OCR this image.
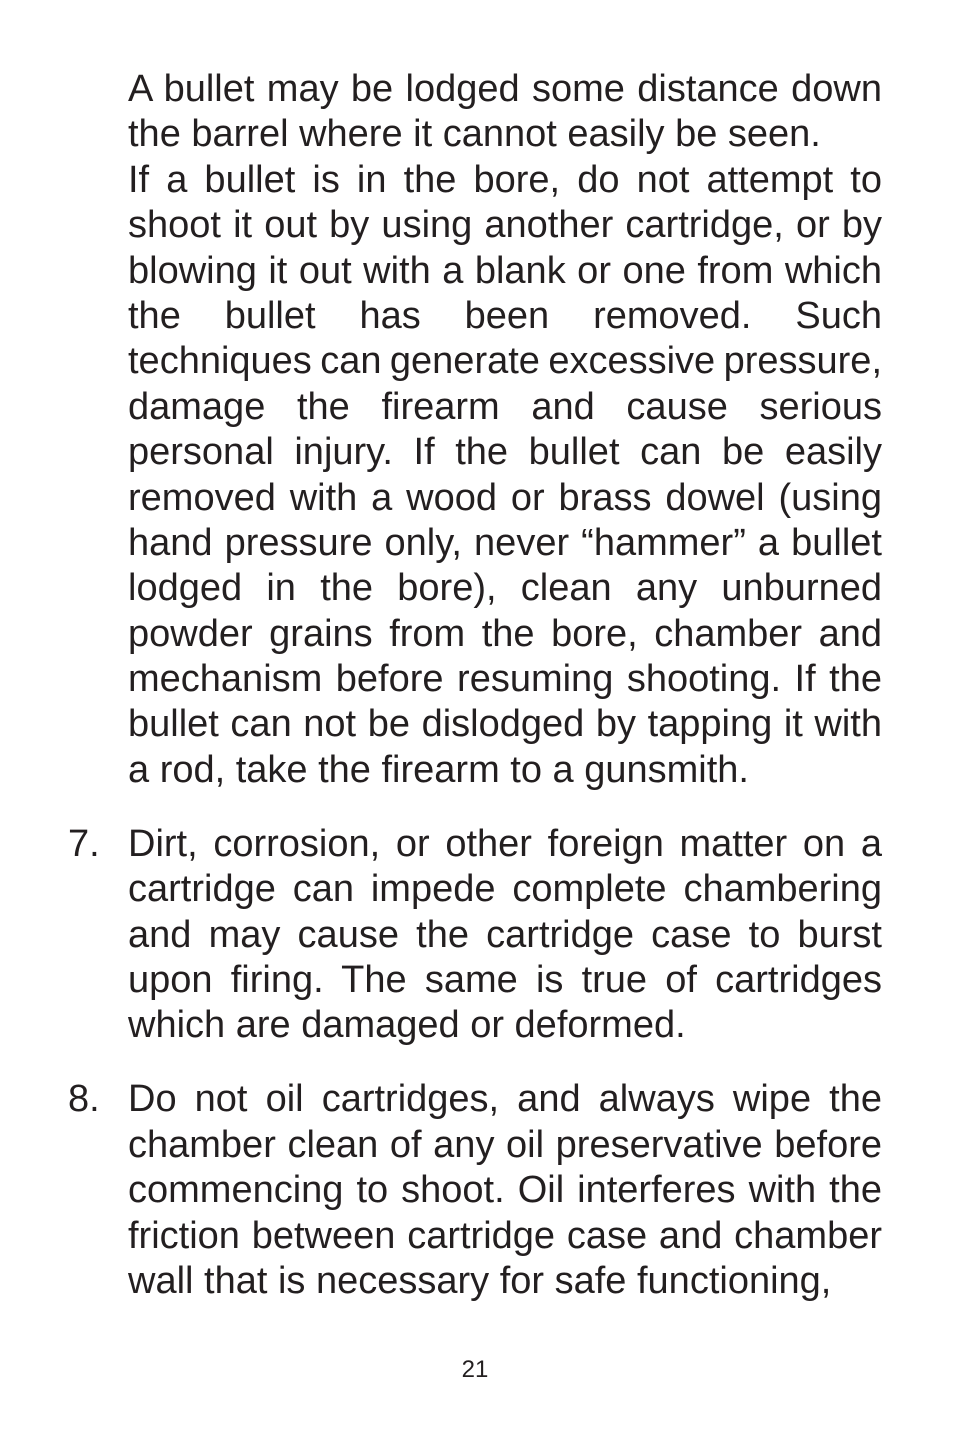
A bullet may be lodged some distance down
the barrel where it cannot easily be seen.
If a bullet is in the bore, do not attempt to
shoot it out by using another cartridge, or by
blowing it out with a blank or one from which
the bullet has been removed. Such
techniques can generate excessive pressure,
damage the firearm and cause serious
personal injury. If the bullet can be easily
removed with a wood or brass dowel (using
hand pressure only, never “hammer” a bullet
lodged in the bore), clean any unburned
powder grains from the bore, chamber and
mechanism before resuming shooting. If the
bullet can not be dislodged by tapping it with
a rod, take the firearm to a gunsmith.
7. Dirt, corrosion, or other foreign matter on a
cartridge can impede complete chambering
and may cause the cartridge case to burst
upon firing. The same is true of cartridges
which are damaged or deformed.
8. Do not oil cartridges, and always wipe the
chamber clean of any oil preservative before
commencing to shoot. Oil interferes with the
friction between cartridge case and chamber
wall that is necessary for safe functioning,
21
